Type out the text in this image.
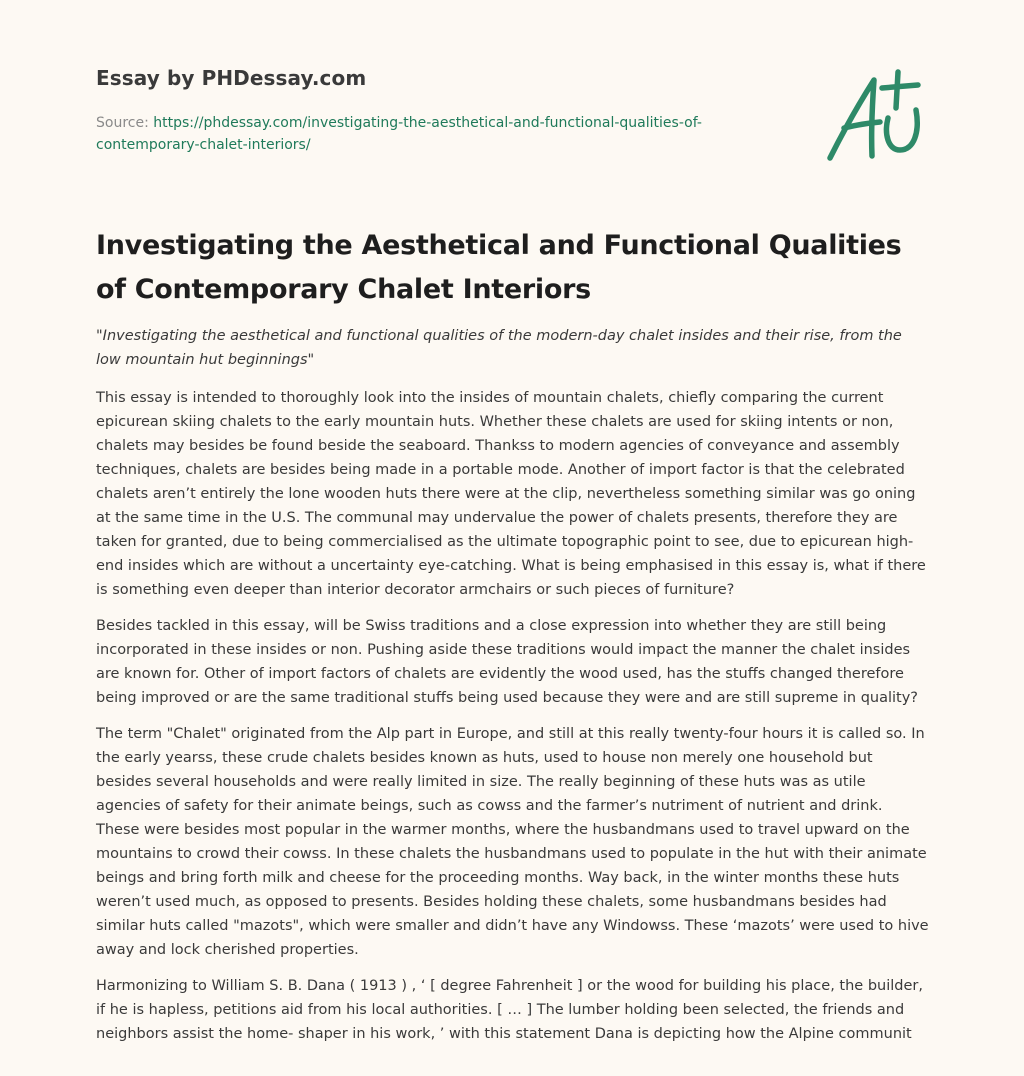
Essay by PHDessay.com
Source: https://phdessay.com/investigating-the-aesthetical-and-functional-qualities-of-contemporary-chalet-interiors/
Investigating the Aesthetical and Functional Qualities of Contemporary Chalet Interiors

"Investigating the aesthetical and functional qualities of the modern-day chalet insides and their rise, from the low mountain hut beginnings"

This essay is intended to thoroughly look into the insides of mountain chalets, chiefly comparing the current epicurean skiing chalets to the early mountain huts. Whether these chalets are used for skiing intents or non, chalets may besides be found beside the seaboard. Thankss to modern agencies of conveyance and assembly techniques, chalets are besides being made in a portable mode. Another of import factor is that the celebrated chalets aren’t entirely the lone wooden huts there were at the clip, nevertheless something similar was go oning at the same time in the U.S. The communal may undervalue the power of chalets presents, therefore they are taken for granted, due to being commercialised as the ultimate topographic point to see, due to epicurean high-end insides which are without a uncertainty eye-catching. What is being emphasised in this essay is, what if there is something even deeper than interior decorator armchairs or such pieces of furniture?

Besides tackled in this essay, will be Swiss traditions and a close expression into whether they are still being incorporated in these insides or non. Pushing aside these traditions would impact the manner the chalet insides are known for. Other of import factors of chalets are evidently the wood used, has the stuffs changed therefore being improved or are the same traditional stuffs being used because they were and are still supreme in quality?

The term "Chalet" originated from the Alp part in Europe, and still at this really twenty-four hours it is called so. In the early yearss, these crude chalets besides known as huts, used to house non merely one household but besides several households and were really limited in size. The really beginning of these huts was as utile agencies of safety for their animate beings, such as cowss and the farmer’s nutriment of nutrient and drink. These were besides most popular in the warmer months, where the husbandmans used to travel upward on the mountains to crowd their cowss. In these chalets the husbandmans used to populate in the hut with their animate beings and bring forth milk and cheese for the proceeding months. Way back, in the winter months these huts weren’t used much, as opposed to presents. Besides holding these chalets, some husbandmans besides had similar huts called "mazots", which were smaller and didn’t have any Windowss. These ‘mazots’ were used to hive away and lock cherished properties.

Harmonizing to William S. B. Dana ( 1913 ) , ‘ [ degree Fahrenheit ] or the wood for building his place, the builder, if he is hapless, petitions aid from his local authorities. [ … ] The lumber holding been selected, the friends and neighbors assist the home- shaper in his work, ’ with this statement Dana is depicting how the Alpine communit
